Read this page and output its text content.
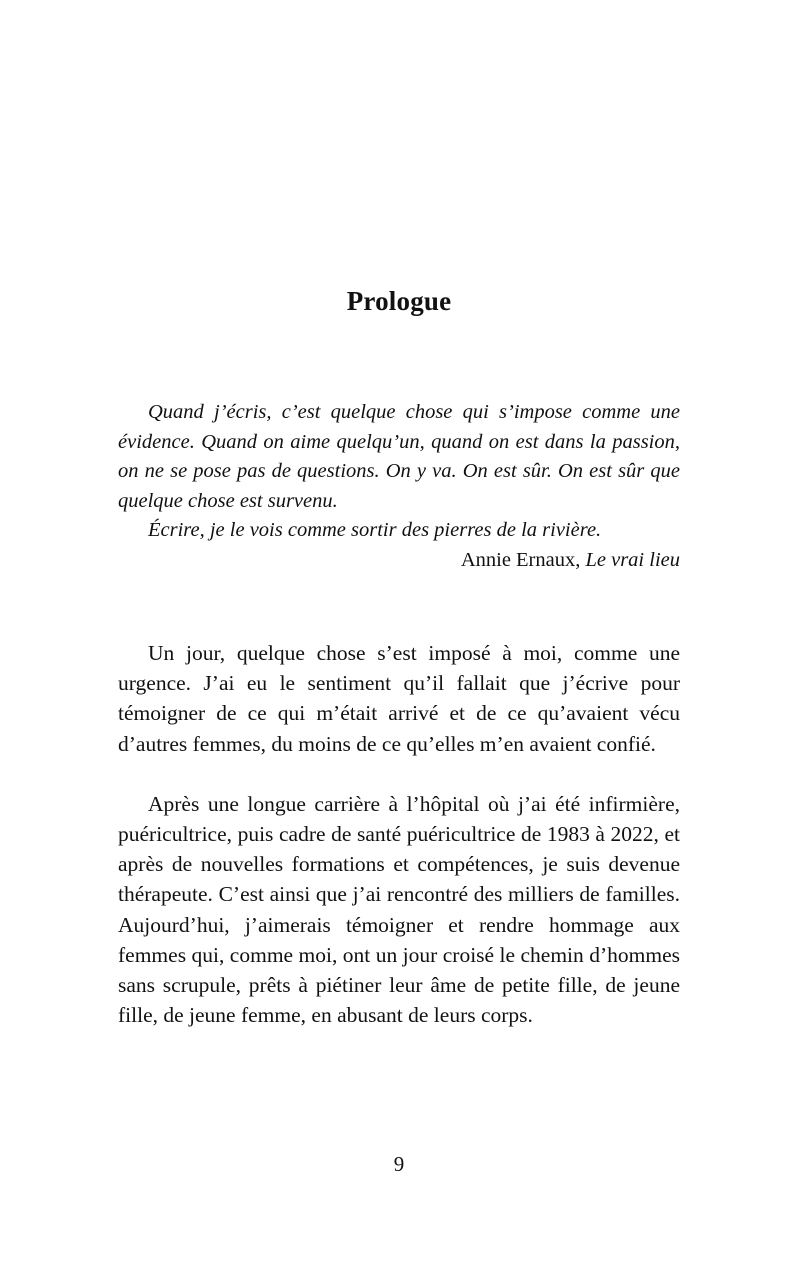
Prologue

Quand j’écris, c’est quelque chose qui s’impose comme une évidence. Quand on aime quelqu’un, quand on est dans la passion, on ne se pose pas de questions. On y va. On est sûr. On est sûr que quelque chose est survenu.

Écrire, je le vois comme sortir des pierres de la rivière.

Annie Ernaux, Le vrai lieu

Un jour, quelque chose s’est imposé à moi, comme une urgence. J’ai eu le sentiment qu’il fallait que j’écrive pour témoigner de ce qui m’était arrivé et de ce qu’avaient vécu d’autres femmes, du moins de ce qu’elles m’en avaient confié.

Après une longue carrière à l’hôpital où j’ai été infirmière, puéricultrice, puis cadre de santé puéricultrice de 1983 à 2022, et après de nouvelles formations et compétences, je suis devenue thérapeute. C’est ainsi que j’ai rencontré des milliers de familles. Aujourd’hui, j’aimerais témoigner et rendre hommage aux femmes qui, comme moi, ont un jour croisé le chemin d’hommes sans scrupule, prêts à piétiner leur âme de petite fille, de jeune fille, de jeune femme, en abusant de leurs corps.

9
